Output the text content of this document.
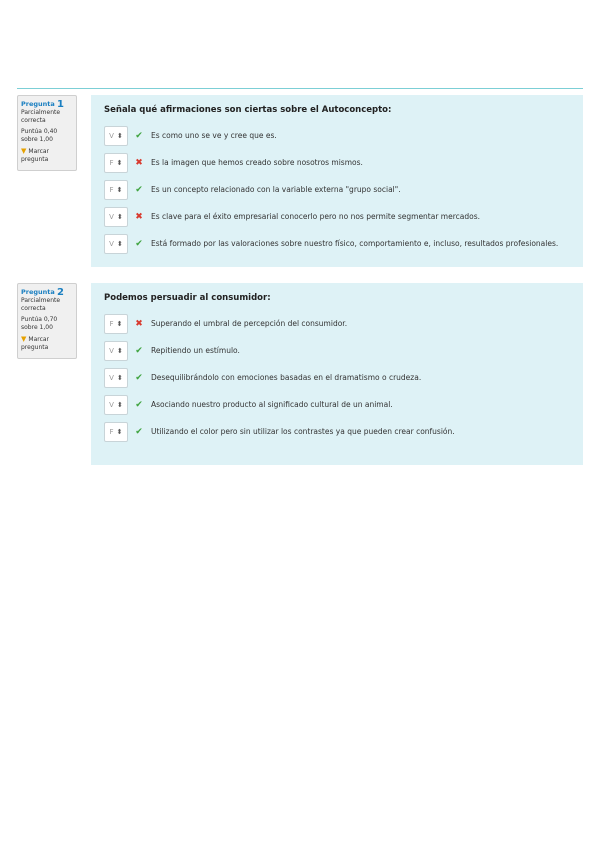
Pregunta 1
Parcialmente correcta
Puntúa 0,40
sobre 1,00
▼ Marcar pregunta
Señala qué afirmaciones son ciertas sobre el Autoconcepto:
V ⬍ ✔ Es como uno se ve y cree que es.
F ⬍ ✖ Es la imagen que hemos creado sobre nosotros mismos.
F ⬍ ✔ Es un concepto relacionado con la variable externa "grupo social".
V ⬍ ✖ Es clave para el éxito empresarial conocerlo pero no nos permite segmentar mercados.
V ⬍ ✔ Está formado por las valoraciones sobre nuestro físico, comportamiento e, incluso, resultados profesionales.
Pregunta 2
Parcialmente correcta
Puntúa 0,70
sobre 1,00
▼ Marcar pregunta
Podemos persuadir al consumidor:
F ⬍ ✖ Superando el umbral de percepción del consumidor.
V ⬍ ✔ Repitiendo un estímulo.
V ⬍ ✔ Desequilibrándolo con emociones basadas en el dramatismo o crudeza.
V ⬍ ✔ Asociando nuestro producto al significado cultural de un animal.
F ⬍ ✔ Utilizando el color pero sin utilizar los contrastes ya que pueden crear confusión.
